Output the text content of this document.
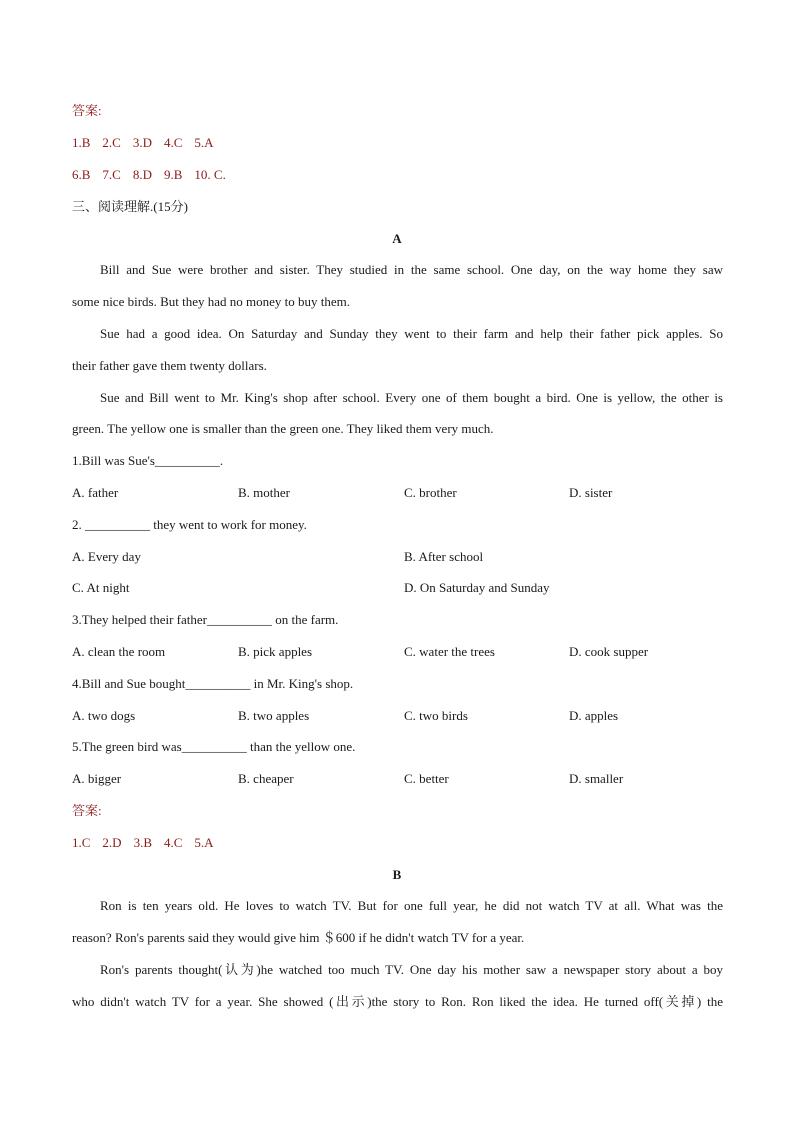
答案:
1.B 2.C 3.D 4.C 5.A
6.B 7.C 8.D 9.B 10. C.
三、阅读理解.(15分)
A
Bill and Sue were brother and sister. They studied in the same school. One day, on the way home they saw
some nice birds. But they had no money to buy them.
Sue had a good idea. On Saturday and Sunday they went to their farm and help their father pick apples. So
their father gave them twenty dollars.
Sue and Bill went to Mr. King's shop after school. Every one of them bought a bird. One is yellow, the other is
green. The yellow one is smaller than the green one. They liked them very much.
1.Bill was Sue's__________.
A. father	B. mother	C. brother	D. sister
2. __________ they went to work for money.
A. Every day	B. After school
C. At night	D. On Saturday and Sunday
3.They helped their father__________ on the farm.
A. clean the room	B. pick apples	C. water the trees	D. cook supper
4.Bill and Sue bought__________ in Mr. King's shop.
A. two dogs	B. two apples	C. two birds	D. apples
5.The green bird was__________ than the yellow one.
A. bigger	B. cheaper	C. better	D. smaller
答案:
1.C 2.D 3.B 4.C 5.A
B
Ron is ten years old. He loves to watch TV. But for one full year, he did not watch TV at all. What was the
reason? Ron's parents said they would give him ＄600 if he didn't watch TV for a year.
Ron's parents thought(认为)he watched too much TV. One day his mother saw a newspaper story about a boy
who didn't watch TV for a year. She showed (出示)the story to Ron. Ron liked the idea. He turned off(关掉) the
